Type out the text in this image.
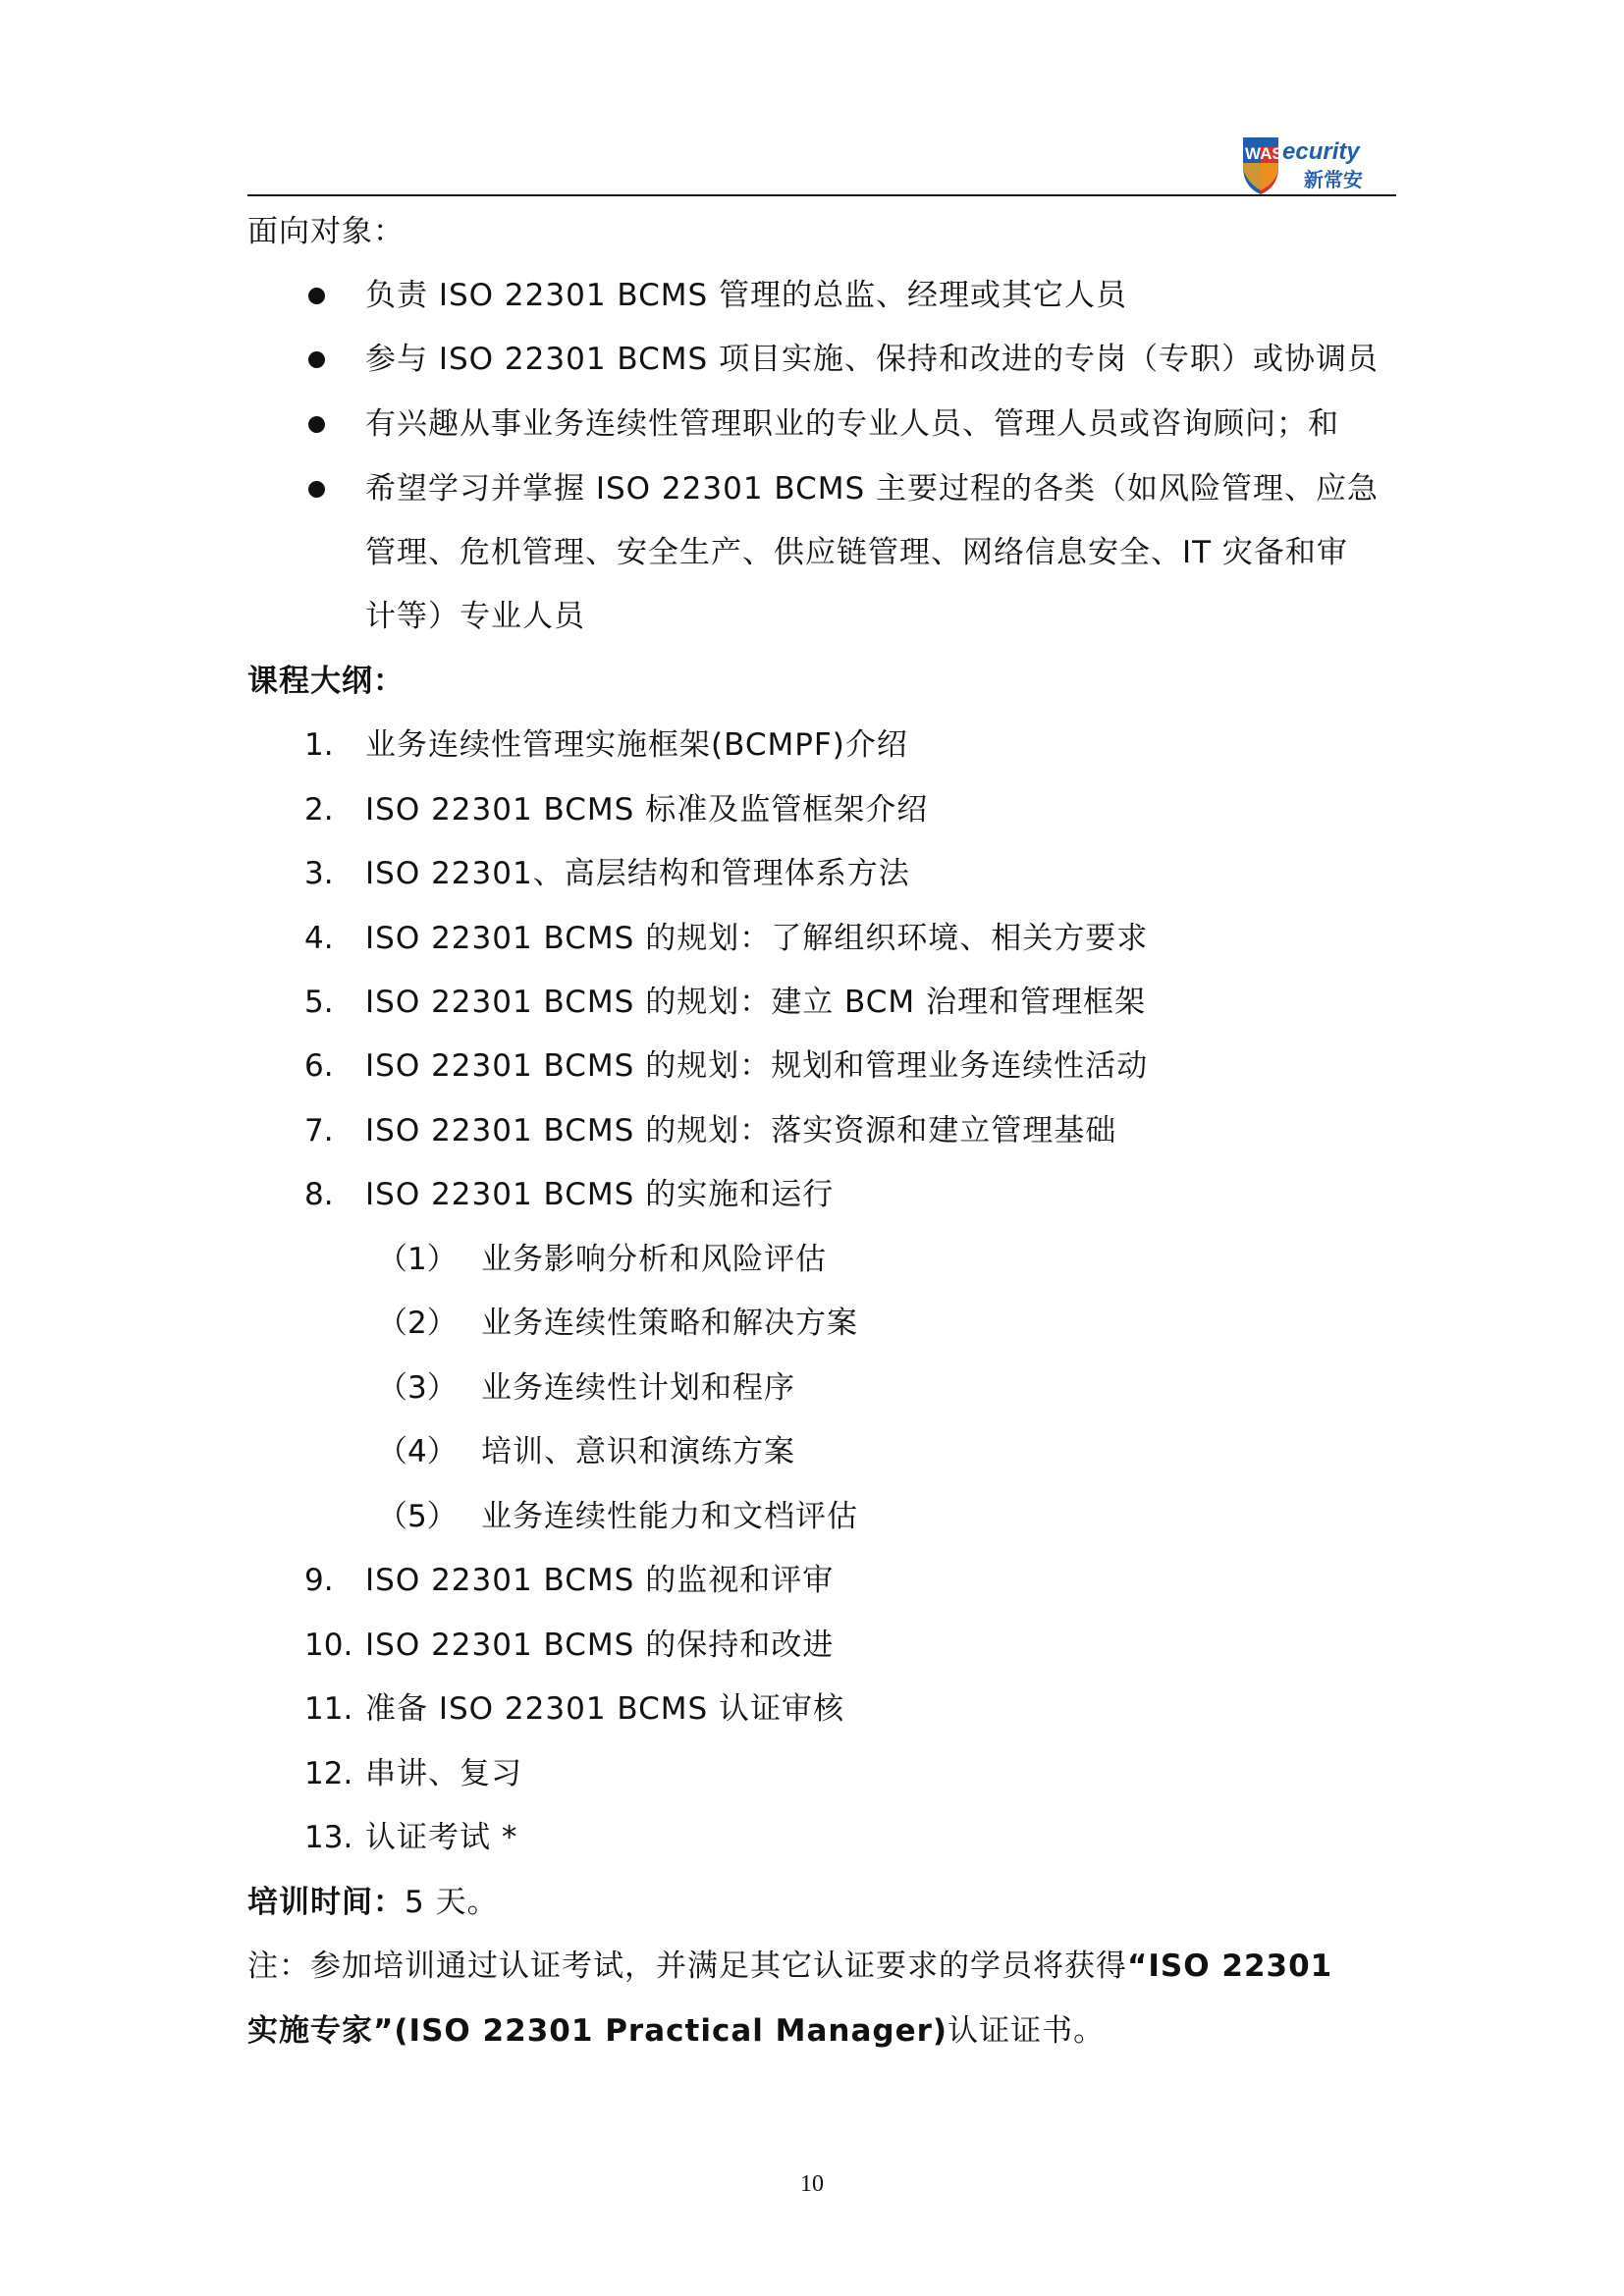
WAS ecurity
新常安
面向对象：
负责 ISO 22301 BCMS 管理的总监、经理或其它人员
参与 ISO 22301 BCMS 项目实施、保持和改进的专岗（专职）或协调员
有兴趣从事业务连续性管理职业的专业人员、管理人员或咨询顾问；和
希望学习并掌握 ISO 22301 BCMS 主要过程的各类（如风险管理、应急
管理、危机管理、安全生产、供应链管理、网络信息安全、IT 灾备和审
计等）专业人员
课程大纲：
1. 业务连续性管理实施框架(BCMPF)介绍
2. ISO 22301 BCMS 标准及监管框架介绍
3. ISO 22301、高层结构和管理体系方法
4. ISO 22301 BCMS 的规划：了解组织环境、相关方要求
5. ISO 22301 BCMS 的规划：建立 BCM 治理和管理框架
6. ISO 22301 BCMS 的规划：规划和管理业务连续性活动
7. ISO 22301 BCMS 的规划：落实资源和建立管理基础
8. ISO 22301 BCMS 的实施和运行
（1） 业务影响分析和风险评估
（2） 业务连续性策略和解决方案
（3） 业务连续性计划和程序
（4） 培训、意识和演练方案
（5） 业务连续性能力和文档评估
9. ISO 22301 BCMS 的监视和评审
10. ISO 22301 BCMS 的保持和改进
11. 准备 ISO 22301 BCMS 认证审核
12. 串讲、复习
13. 认证考试 *
培训时间：5 天。
注：参加培训通过认证考试，并满足其它认证要求的学员将获得“ISO 22301
实施专家”(ISO 22301 Practical Manager)认证证书。
10
